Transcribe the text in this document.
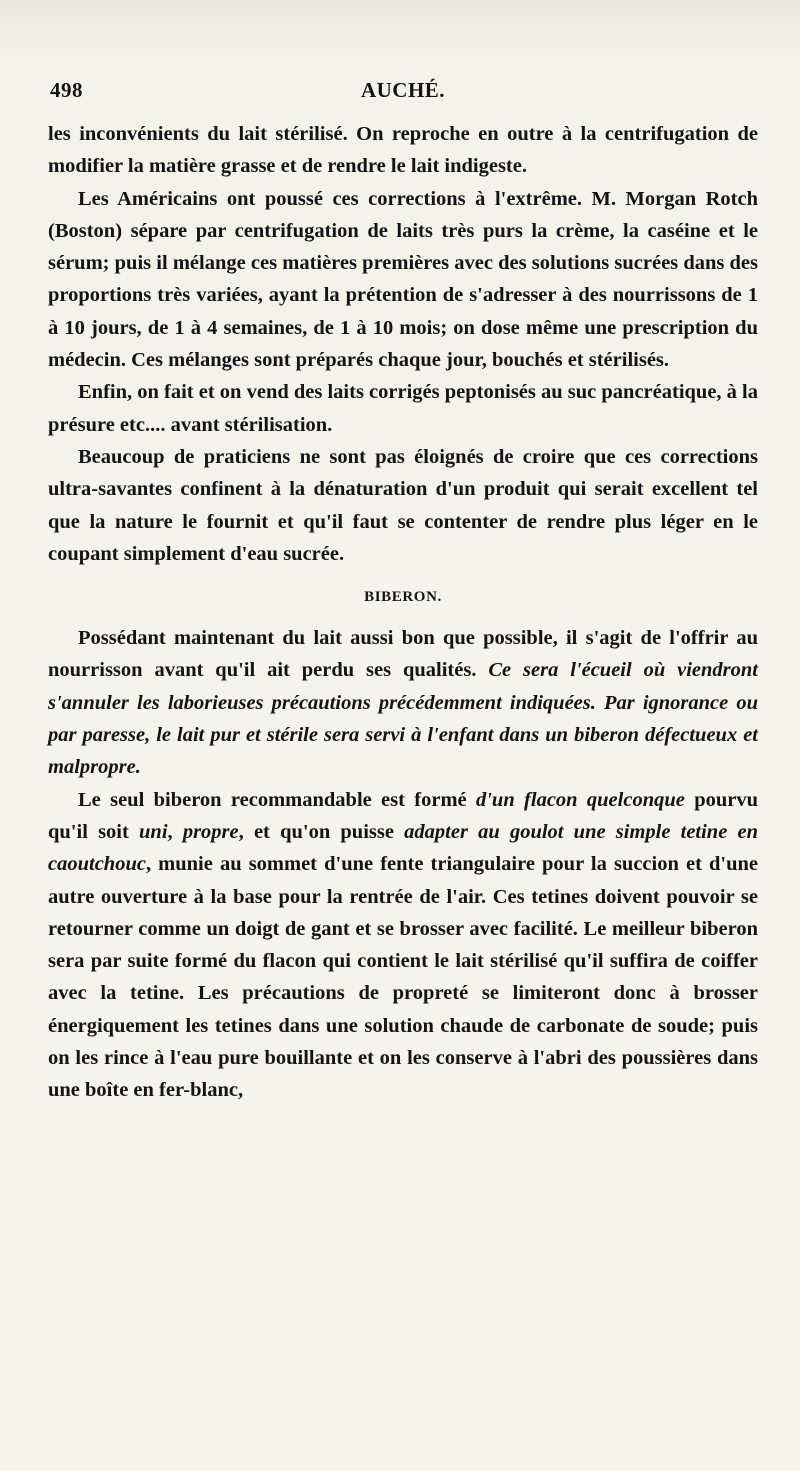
498	AUCHÉ.

les inconvénients du lait stérilisé. On reproche en outre à la centrifugation de modifier la matière grasse et de rendre le lait indigeste.

Les Américains ont poussé ces corrections à l'extrême. M. Morgan Rotch (Boston) sépare par centrifugation de laits très purs la crème, la caséine et le sérum; puis il mélange ces matières premières avec des solutions sucrées dans des proportions très variées, ayant la prétention de s'adresser à des nourrissons de 1 à 10 jours, de 1 à 4 semaines, de 1 à 10 mois; on dose même une prescription du médecin. Ces mélanges sont préparés chaque jour, bouchés et stérilisés.

Enfin, on fait et on vend des laits corrigés peptonisés au suc pancréatique, à la présure etc.... avant stérilisation.

Beaucoup de praticiens ne sont pas éloignés de croire que ces corrections ultra-savantes confinent à la dénaturation d'un produit qui serait excellent tel que la nature le fournit et qu'il faut se contenter de rendre plus léger en le coupant simplement d'eau sucrée.

BIBERON.

Possédant maintenant du lait aussi bon que possible, il s'agit de l'offrir au nourrisson avant qu'il ait perdu ses qualités. Ce sera l'écueil où viendront s'annuler les laborieuses précautions précédemment indiquées. Par ignorance ou par paresse, le lait pur et stérile sera servi à l'enfant dans un biberon défectueux et malpropre.

Le seul biberon recommandable est formé d'un flacon quelconque pourvu qu'il soit uni, propre, et qu'on puisse adapter au goulot une simple tetine en caoutchouc, munie au sommet d'une fente triangulaire pour la succion et d'une autre ouverture à la base pour la rentrée de l'air. Ces tetines doivent pouvoir se retourner comme un doigt de gant et se brosser avec facilité. Le meilleur biberon sera par suite formé du flacon qui contient le lait stérilisé qu'il suffira de coiffer avec la tetine. Les précautions de propreté se limiteront donc à brosser énergiquement les tetines dans une solution chaude de carbonate de soude; puis on les rince à l'eau pure bouillante et on les conserve à l'abri des poussières dans une boîte en fer-blanc,
